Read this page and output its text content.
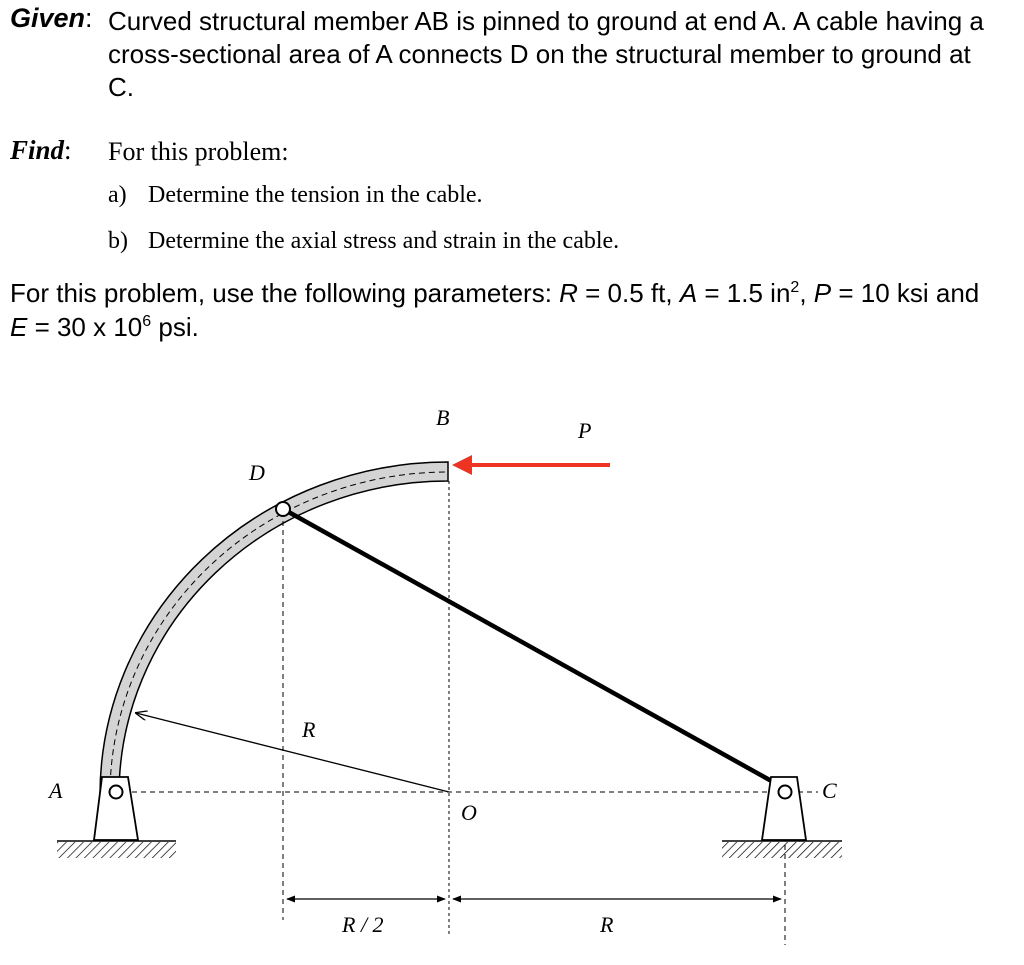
Given: Curved structural member AB is pinned to ground at end A. A cable having a
cross-sectional area of A connects D on the structural member to ground at
C.
Find: For this problem:
a) Determine the tension in the cable.
b) Determine the axial stress and strain in the cable.
For this problem, use the following parameters: R = 0.5 ft, A = 1.5 $in^2$, P = 10 ksi and
E = 30 x $10^6$ psi.
B
P
D
R
A	C
O
R / 2	R
